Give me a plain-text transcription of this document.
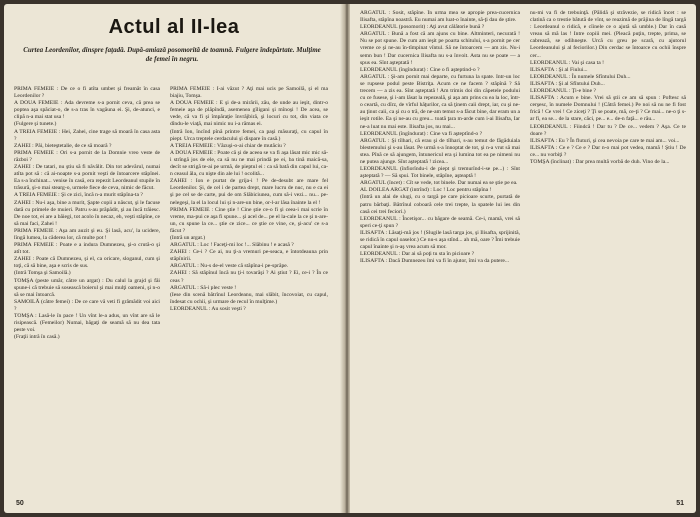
Actul al II-lea
Curtea Leordenilor, dinspre faţadă. După-amiază posomorită de toamnă. Fulgere îndepărtate. Mulţime de femei în negru.

PRIMA FEMEIE : De ce o fi atîta umbet şi freamăt în casa Leordenilor ?

A DOUA FEMEIE : Ada devreme s-a pornit ceva, că prea se poptea aşa spăciat-o, de s-a tras în vagăuna ei. Şi, de-atunci, e clipă n-a mai stat usa !

(Fulgere şi tunete.)

A TREIA FEMEIE : Hei, Zahei, cine trage să moară în casa asta ?

ZAHEI : Păi, bieteştetalie, de ce să moară ?

PRIMA FEMEIE : Ori s-a pornit de la Domnie vreo veste de război ?

ZAHEI : De tatari, nu ştiu să fi năvălit. Din tot adevărul, numai atîta pot să : că ai-noapte s-a pornit veşti de întoarcere stăpînei. Ea s-a închinat... venise în casă, era repezit Leordeanul stupile în trăsură, şi-o mai stearg-o, urmele fiece de ceva, nimic de făcut.

A TREIA FEMEIE : Şi ce zici, încă n-a murit stăpîna-ta ?

ZAHEI : Nu-i aşa, bine a murit, Şapte copii a născut, şi le facuse dată cu primele de muieri. Patru s-au prăpădit, şi au încă trăiesc. De noe tot, ei are a băiegi, tot acolo în necaz, eh, veşti stăpîne, ce să mai faci, Zahei !

PRIMA FEMEIE : Aşa am auzit şi eu. Şi lasă, acu', la ucidere, lîngă lumea, la căderea lor, că multe pot !

PRIMA FEMEIE : Poate e a indura Dumnezeu, şi-o crută-o şi atît tot.

ZAHEI : Poate că Dumnezeu, şi el, ca oricare, sloganul, cum şi toţi, că să bine, aşa e scris de sus.

(Intră Tomşa şi Samoilă.)

TOMŞA (peste umăr, către un argat) : Du calul la grajd şi făi spune-i că trebuie să sosească boierul şi mai mulţi oameni, şi n-o să se mai întoarcă.

SAMOILĂ (către femei) : De ce care vă veti fi grămădit voi aici ?

TOMŞA : Lasă-le în pace ! Un vînt le-a adus, un vînt are să le risipească. (Femeilor) Numai, băgaţi de seamă să nu dea tata peste voi.

(Fraţii intră în casă.)

PRIMA FEMEIE : I-ai văzut ? Aţi mai ucis pe Samoilă, şi el ma biajiu, Tomşa.

A DOUA FEMEIE : E şi de-a mirării, zău, de unde au ieşit, dintr-o femeie aşa de plăpîndă, asemenea gîligani şi mînoşi ! De acea, se vede, că va fi şi împăraţie învrăjbiră, şi locuri cu tot, din viata ce dîndu-le viaţă, mai nimic nu i-a rămas ei.

(Intră Ion, încînd pînă printre femei, ca paşi măsuraţi, cu capul în piept. Urca treptele cerdacului şi dispare în casă.)

A TREIA FEMEIE : Văzuşi-o-ai chiar de mutăciu ?

A DOUA FEMEIE : Poate că şi de aceea se va fi aşa lăsat mic mic să-i strîngă jos de ele, ca să nu ne mai prindă pe ei, ba tină maică-sa, decît se strigă te-ai pe urmă, de pieptul ei : ca să bată din capul lui, ca-n ceasul ăla, cu nişte din ale lui ! ocolită...

ZAHEI : Ion e purtat de grija-i ! Pe de-desubt are mare fel Leordenilor. Şi, de cel i de partea drept, mare lucru de nuc, nu e ca ei şi pe cel se de carte, pui de om Slăbiciunea, cum să-i vezi... nu... pe-nelegeşi, la el la locul lui și n-are-un bine, or-l-ar lăsa înainte la el !

PRIMA FEMEIE : Cine ştie ! Cine ştie ce-o fi şi ceea-i mai scrie în vreme, ma-pui ce aşa fi spune... şi acel de... pe el la-cale la ce şi n-are-un, cu spune la ce... ştie ce zice... ce ştie ce vine, ce, şi-acu' ce s-a făcut ?

(Intră un argat.)

ARGATUL : Loc ! Faceţi-mi loc !... Slăbinu ! e acasă ?

ZAHEI : Ce-i ? Ce ai, nu ţi-a vremuri pe-seaca, e întotdeauna prin stăpînirii.

ARGATUL : Nu-s de-el veste că stăpîna-i pe-sprăpe.

ZAHEI : Să stăpînul încă nu ţi-i tovarăşi ? Ai ştiut ? Ei, ce-i ? În ce ceas ?

ARGATUL : Să-i plec veste !

(Iese din scenă bătrînul Leordeanu, mai slăbit, încovoiat, cu capul, îndesat cu ochii, şi urmare de recul în mulţime.)

LEORDEANUL : Au sosit veşti ?

50

ARGATUL : Sosit, stăpîne. În urma mea se apropie prea-cucernica Ilisafta, stăpîna noastră. Eu numai am luat-o înainte, să-ţi dau de ştire.

LEORDEANUL (posomorit) : Aţi avut călătorie bună ?

ARGATUL : Bună a fost că am ajuns cu bine. Altminteri, necurată ! Nu se pot spune. De cum am ieşit pe poarta schitului, s-a pornit pe cer vreme ce şi ne-au în-tîmpinat vîntul. Să ne întoarcem — am zis. Nu-i semn bun ! Dar cucernica Ilisafta nu s-a învoit. Asta nu se poate — a spus ea. Sînt aşteptată !

LEORDEANUL (îngîndurat) : Cine o fi aşteptind-o ?

ARGATUL : Şi-am pornit mai departe, cu furtuna la spate. Intr-un loc se rupsese podul peste Bistriţa. Acum ce ne facem ? stăpînă ? Să trecem — a zis ea. Sînt aşteptată ! Am trimis doi din căpetele podului cu ce fusese, şi i-am lăsat la repezeală, şi aşa am prins cu ea la loc, într-o ceartă, cu dîrz, de vîrful hăţurilor, ca să ţinem caii drept, iar, cu şi ne-au ţinut caii, ca şi cu o tră, de ne-am temut s-a făcut bine, dar eram un a ieşit rotile. Ea şi ne-au cu greu... toată ţara m-arde cum i-ai Ilisafta, Iar ne-a luat nu mai este. Ilisafta jos, nu mai...

LEORDEANUL (îngîndurat) : Cine va fi aşteptînd-o ?

ARGATUL : Şi tîlhari, că erau şi de tîlhari, s-au temut de făgăduiala blestemului şi s-au lăsat. Pe urmă s-a înnoptat de tot, şi n-a vrut să mai stea. Pînă ce să ajungem, întunericul era şi lumina tot ea pe nimeni nu ne putea ajunge. Sînt aşteptată ! zicea...

LEORDEANUL (înfiorîndu-i de piept şi tremurînd-i-se pe...) : Sînt aşteptată ? — Să spui. Tot binele, stăpîne, aşteaptă !

ARGATUL (încet) : Cît se vede, tot binele. Dar numai ea se ştie pe ea.

AL DOILEA ARGAT (intrînd) : Loc ! Loc pentru stăpîna !

(Intră un alai de slugi, cu o targă pe care picioare scurte, purtată de patru bărbaţi. Bătrînul coboară cele trei trepte, la spatele lui ies din casă cei trei feciori.)

LEORDEANUL : Încetişor... cu băgare de seamă. Ce-i, mamă, vrei să speri ce-ţi spun ?

ILISAFTA : Lăsaţi-mă jos ! (Slugile lasă targa jos, şi Ilisafta, sprijinită, se ridică în capul oaselor.) Ce nu-s aşa stînd... ah mă, oare ? Îmi trebuie capul înainte şi n-aş vrea acum să mor.

LEORDEANUL : Dar ai să poţi tu sta în picioare ?

ILISAFTA : Dacă Dumnezeu îmi va fi în ajutor, îmi va da putere...

nu-mi va fi de trebuinţă. (Pălidă şi străvezie, se ridică încet : se clatină ca o trestie bătută de vînt, se reazimă de prăjina de lîngă targă : Leordeanul o ridică, e cîinele ce o ajută să umble.) Dar în casă vreau să mă las ! Intre copiii mei. (Pleacă puţin, trepte, prima, se cabrează, se odihneşte. Urcă cu greu pe scară, cu ajutorul Leordeanului şi al feciorilor.) Din cerdac se întoarce cu ochii înspre cer...

LEORDEANUL : Vai şi casa ta !

ILISAFTA : Şi al Fiului...

LEORDEANUL : În numele Sfîntului Duh...

ILISAFTA : Şi al Sfîntului Duh...

LEORDEANUL : Ţi-e bine ?

ILISAFTA : Acum e bine. Vrei să ştii ce am să spun : Poftesc să cerşesc, în numele Domnului ! (Cătră femei.) Pe noi să nu ne fi fost frică ! Ce vrei ! Ce ziceţi ? Ţi se poate, mă, ce-ţi ? Ce mai... ne-o ţi s-ar fi, ea se... de la stare, căci, pe... e... de-n faţă... e rău...

LEORDEANUL : Fiindcă ! Dar tu ? De ce... vedem ? Aşa. Ce te doare ?

ILISAFTA : Eu ? În fluturi, şi cea nevoia pe care te mai am... voi...

ILISAFTA : Ce e ? Ce e ? Dar n-o mai pot vedea, mamă ! Ştiu ! De ce... nu vorbiţi ?

TOMŞA (înclinat) : Dar prea multă vorbă de duh. Vino de la...

51
